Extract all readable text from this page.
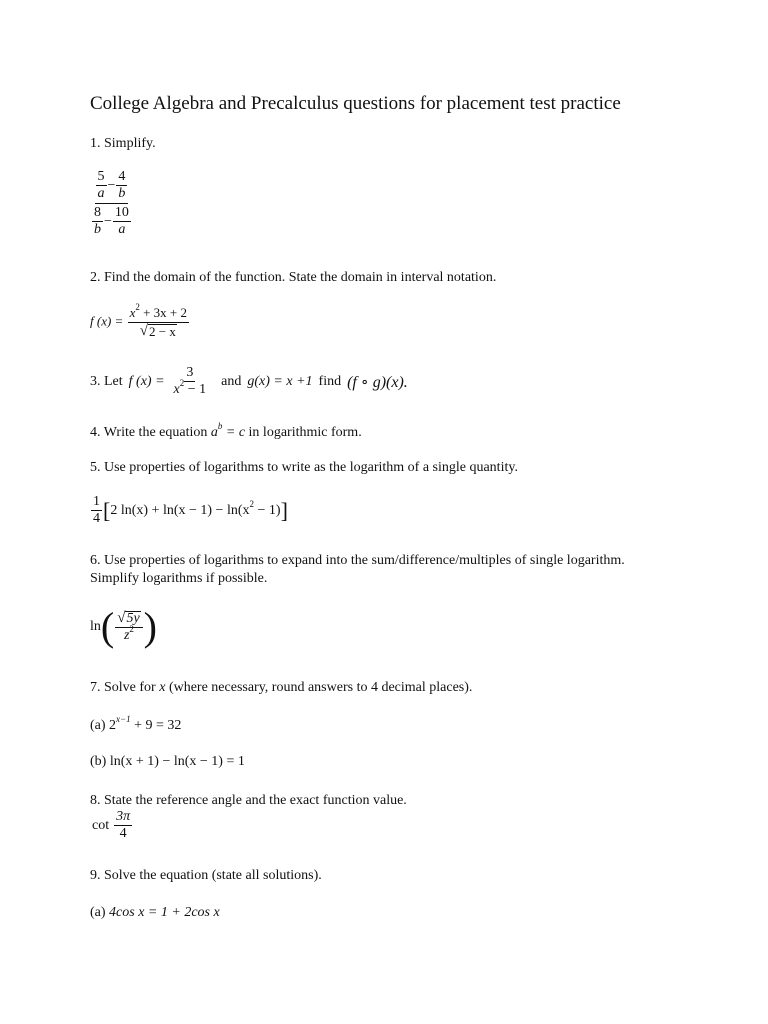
College Algebra and Precalculus questions for placement test practice
1. Simplify.
$\frac{\frac{5}{a} - \frac{4}{b}}{\frac{8}{b} - \frac{10}{a}}$
2. Find the domain of the function. State the domain in interval notation.
f $(x) = \frac{x^2 + 3x + 2}{√ 2 - x}$
3. Let f $(x) = \frac{3}{x^2 - 1}$ and g(x) = x +1 find (f ∘ g)(x).
4. Write the equation $a^b = c$ in logarithmic form.
5. Use properties of logarithms to write as the logarithm of a single quantity.
$\frac{1}{4}$ [ 2 $\ln(x) + \ln(x - 1) - \ln(x^2 - 1)$ ]
6. Use properties of logarithms to expand into the sum/difference/multiples of single logarithm.
Simplify logarithms if possible.
ln ( $\frac{√ 5y}{z^2}$ )
7. Solve for x (where necessary, round answers to 4 decimal places).
(a) $2^{x-1} + 9 = 32$
(b) ln(x + 1) − ln(x − 1) = 1
8. State the reference angle and the exact function value.
$\cot \frac{3\pi}{4}$
9. Solve the equation (state all solutions).
(a) 4cos x = 1 + 2cos x
